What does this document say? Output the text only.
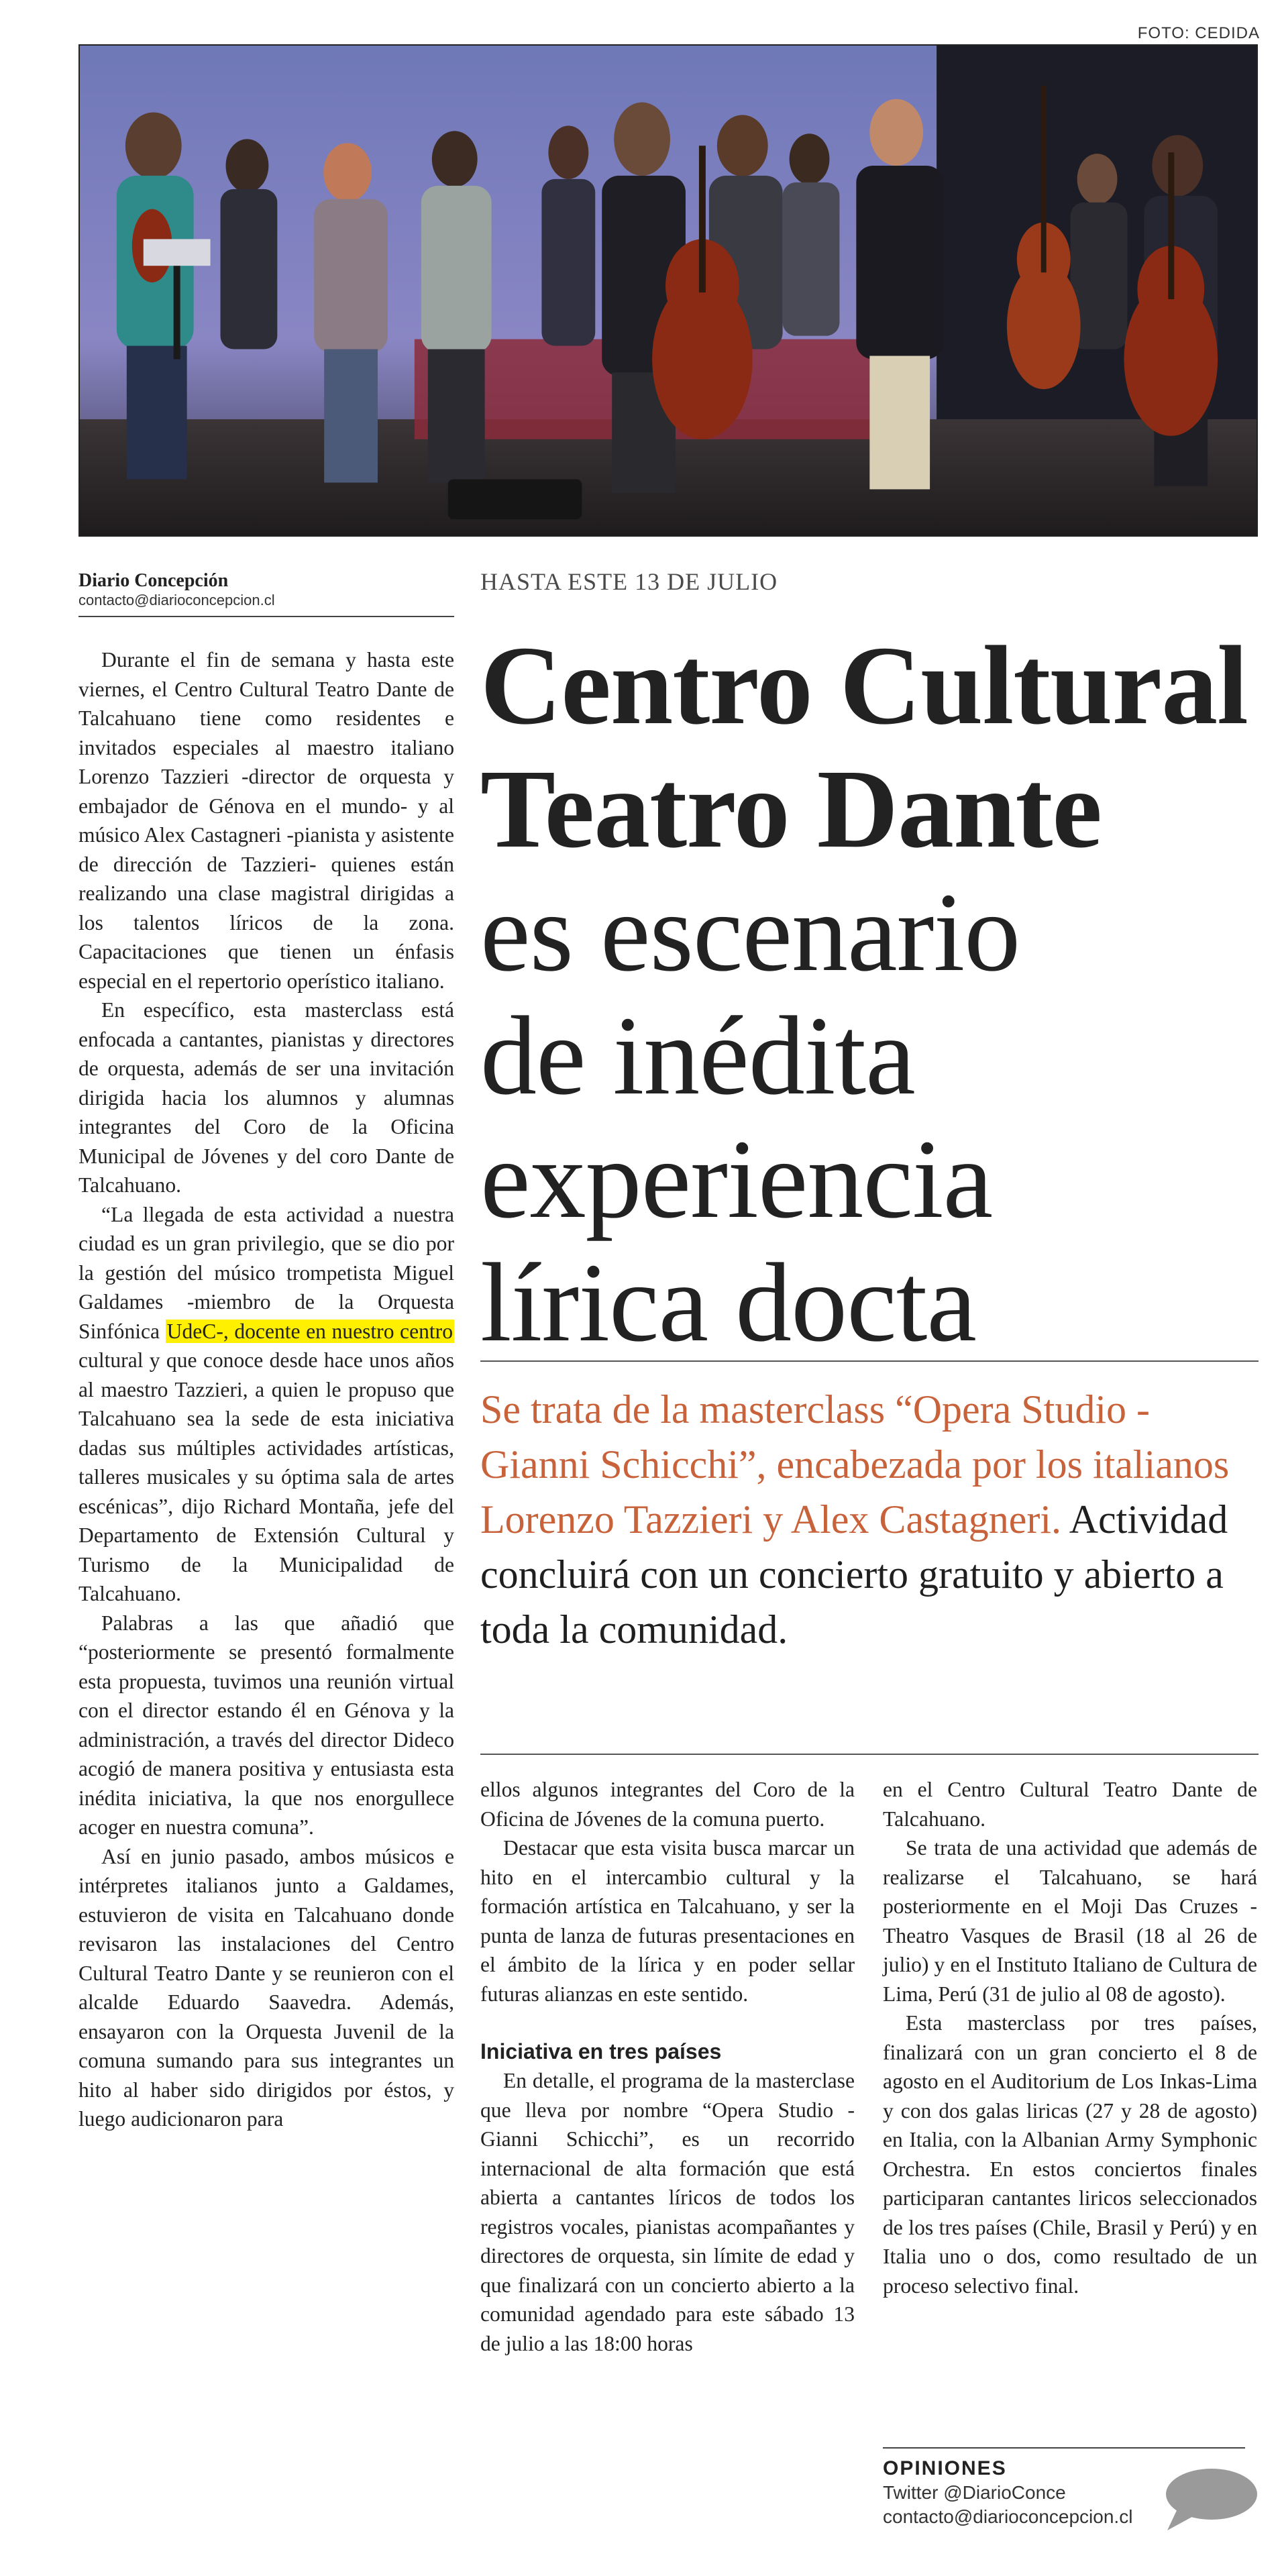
FOTO: CEDIDA
Diario Concepción
contacto@diarioconcepcion.cl

Durante el fin de semana y hasta este viernes, el Centro Cultural Teatro Dante de Talcahuano tiene como residentes e invitados especiales al maestro italiano Lorenzo Tazzieri -director de orquesta y embajador de Génova en el mundo- y al músico Alex Castagneri -pianista y asistente de dirección de Tazzieri- quienes están realizando una clase magistral dirigidas a los talentos líricos de la zona. Capacitaciones que tienen un énfasis especial en el repertorio operístico italiano.

En específico, esta masterclass está enfocada a cantantes, pianistas y directores de orquesta, además de ser una invitación dirigida hacia los alumnos y alumnas integrantes del Coro de la Oficina Municipal de Jóvenes y del coro Dante de Talcahuano.

“La llegada de esta actividad a nuestra ciudad es un gran privilegio, que se dio por la gestión del músico trompetista Miguel Galdames -miembro de la Orquesta Sinfónica UdeC-, docente en nuestro centro cultural y que conoce desde hace unos años al maestro Tazzieri, a quien le propuso que Talcahuano sea la sede de esta iniciativa dadas sus múltiples actividades artísticas, talleres musicales y su óptima sala de artes escénicas”, dijo Richard Montaña, jefe del Departamento de Extensión Cultural y Turismo de la Municipalidad de Talcahuano.

Palabras a las que añadió que “posteriormente se presentó formalmente esta propuesta, tuvimos una reunión virtual con el director estando él en Génova y la administración, a través del director Dideco acogió de manera positiva y entusiasta esta inédita iniciativa, la que nos enorgullece acoger en nuestra comuna”.

Así en junio pasado, ambos músicos e intérpretes italianos junto a Galdames, estuvieron de visita en Talcahuano donde revisaron las instalaciones del Centro Cultural Teatro Dante y se reunieron con el alcalde Eduardo Saavedra. Además, ensayaron con la Orquesta Juvenil de la comuna sumando para sus integrantes un hito al haber sido dirigidos por éstos, y luego audicionaron para

HASTA ESTE 13 DE JULIO
Centro Cultural
Teatro Dante
es escenario
de inédita
experiencia
lírica docta
Se trata de la masterclass “Opera Studio - Gianni Schicchi”, encabezada por los italianos Lorenzo Tazzieri y Alex Castagneri. Actividad concluirá con un concierto gratuito y abierto a toda la comunidad.

ellos algunos integrantes del Coro de la Oficina de Jóvenes de la comuna puerto.

Destacar que esta visita busca marcar un hito en el intercambio cultural y la formación artística en Talcahuano, y ser la punta de lanza de futuras presentaciones en el ámbito de la lírica y en poder sellar futuras alianzas en este sentido.

Iniciativa en tres países

En detalle, el programa de la masterclase que lleva por nombre “Opera Studio - Gianni Schicchi”, es un recorrido internacional de alta formación que está abierta a cantantes líricos de todos los registros vocales, pianistas acompañantes y directores de orquesta, sin límite de edad y que finalizará con un concierto abierto a la comunidad agendado para este sábado 13 de julio a las 18:00 horas

en el Centro Cultural Teatro Dante de Talcahuano.

Se trata de una actividad que además de realizarse el Talcahuano, se hará posteriormente en el Moji Das Cruzes - Theatro Vasques de Brasil (18 al 26 de julio) y en el Instituto Italiano de Cultura de Lima, Perú (31 de julio al 08 de agosto).

Esta masterclass por tres países, finalizará con un gran concierto el 8 de agosto en el Auditorium de Los Inkas-Lima y con dos galas liricas (27 y 28 de agosto) en Italia, con la Albanian Army Symphonic Orchestra. En estos conciertos finales participaran cantantes liricos seleccionados de los tres países (Chile, Brasil y Perú) y en Italia uno o dos, como resultado de un proceso selectivo final.

OPINIONES
Twitter @DiarioConce
contacto@diarioconcepcion.cl
